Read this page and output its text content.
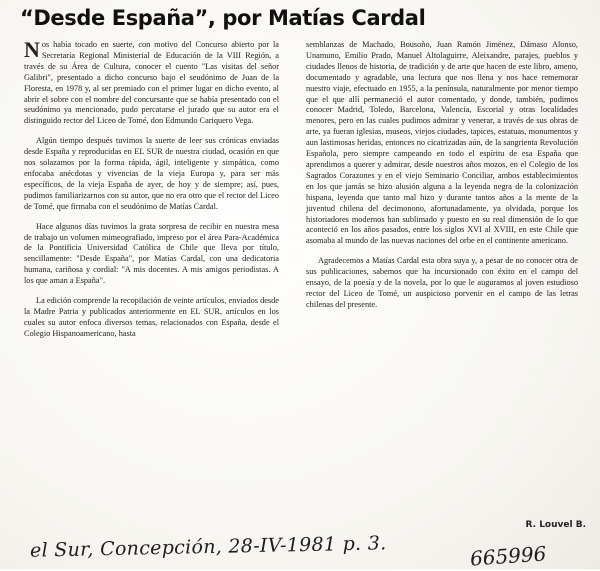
“Desde España”, por Matías Cardal

Nos había tocado en suerte, con motivo del Concurso abierto por la Secretaría Regional Ministerial de Educación de la VIII Región, a través de su Área de Cultura, conocer el cuento "Las visitas del señor Galibri", presentado a dicho concurso bajo el seudónimo de Juan de la Floresta, en 1978 y, al ser premiado con el primer lugar en dicho evento, al abrir el sobre con el nombre del concursante que se había presentado con el seudónimo ya mencionado, pudo percatarse el jurado que su autor era el distinguido rector del Liceo de Tomé, don Edmundo Cariquero Vega.

Algún tiempo después tuvimos la suerte de leer sus crónicas enviadas desde España y reproducidas en EL SUR de nuestra ciudad, ocasión en que nos solazamos por la forma rápida, ágil, inteligente y simpática, como enfocaba anécdotas y vivencias de la vieja Europa y, para ser más específicos, de la vieja España de ayer, de hoy y de siempre; así, pues, pudimos familiarizarnos con su autor, que no era otro que el rector del Liceo de Tomé, que firmaba con el seudónimo de Matías Cardal.

Hace algunos días tuvimos la grata sorpresa de recibir en nuestra mesa de trabajo un volumen mimeografiado, impreso por el área Para-Académica de la Pontificia Universidad Católica de Chile que lleva por título, sencillamente: "Desde España", por Matías Cardal, con una dedicatoria humana, cariñosa y cordial: "A mis docentes. A mis amigos periodistas. A los que aman a España".

La edición comprende la recopilación de veinte artículos, enviados desde la Madre Patria y publicados anteriormente en EL SUR, artículos en los cuales su autor enfoca diversos temas, relacionados con España, desde el Colegio Hispanoamericano, hasta

semblanzas de Machado, Bousoño, Juan Ramón Jiménez, Dámaso Alonso, Unamuno, Emilio Prado, Manuel Altolaguirre, Aleixandre, parajes, pueblos y ciudades llenos de historia, de tradición y de arte que hacen de este libro, ameno, documentado y agradable, una lectura que nos llena y nos hace rememorar nuestro viaje, efectuado en 1955, a la península, naturalmente por menor tiempo que el que allí permaneció el autor comentado, y donde, también, pudimos conocer Madrid, Toledo, Barcelona, Valencia, Escorial y otras localidades menores, pero en las cuales pudimos admirar y venerar, a través de sus obras de arte, ya fueran iglesias, museos, viejos ciudades, tapices, estatuas, monumentos y aun lastimosas heridas, entonces no cicatrizadas aún, de la sangrienta Revolución Española, pero siempre campeando en todo el espíritu de esa España que aprendimos a querer y admirar, desde nuestros años mozos, en el Colegio de los Sagrados Corazones y en el viejo Seminario Conciliar, ambos establecimientos en los que jamás se hizo alusión alguna a la leyenda negra de la colonización hispana, leyenda que tanto mal hizo y durante tantos años a la mente de la juventud chilena del decimonono, afortunadamente, ya olvidada, porque los historiadores modernos han sublimado y puesto en su real dimensión de lo que aconteció en los años pasados, entre los siglos XVI al XVIII, en este Chile que asomaba al mundo de las nuevas naciones del orbe en el continente americano.

Agradecemos a Matías Cardal esta obra suya y, a pesar de no conocer otra de sus publicaciones, sabemos que ha incursionado con éxito en el campo del ensayo, de la poesía y de la novela, por lo que le auguramos al joven estudioso rector del Liceo de Tomé, un auspicioso porvenir en el campo de las letras chilenas del presente.

R. Louvel B.
el Sur, Concepción, 28-IV-1981 p. 3.	665996
